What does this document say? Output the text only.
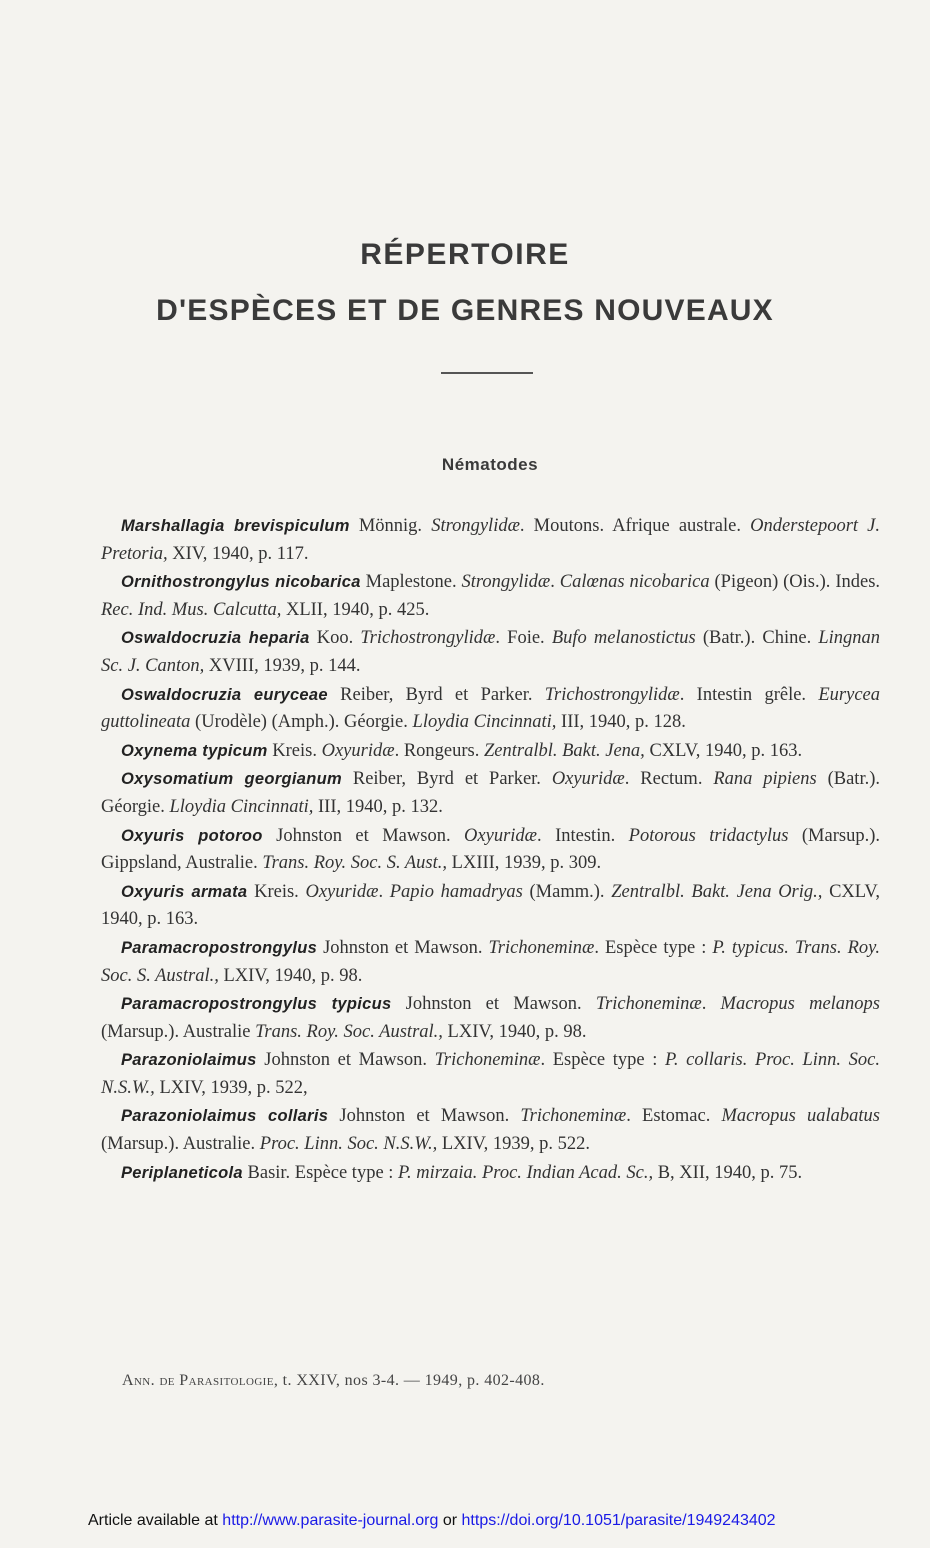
RÉPERTOIRE
D'ESPÈCES ET DE GENRES NOUVEAUX
Nématodes

Marshallagia brevispiculum Mönnig. Strongylidæ. Moutons. Afrique australe. Onderstepoort J. Pretoria, XIV, 1940, p. 117.

Ornithostrongylus nicobarica Maplestone. Strongylidæ. Calœnas nicobarica (Pigeon) (Ois.). Indes. Rec. Ind. Mus. Calcutta, XLII, 1940, p. 425.

Oswaldocruzia heparia Koo. Trichostrongylidæ. Foie. Bufo melanostictus (Batr.). Chine. Lingnan Sc. J. Canton, XVIII, 1939, p. 144.

Oswaldocruzia euryceae Reiber, Byrd et Parker. Trichostrongylidæ. Intestin grêle. Eurycea guttolineata (Urodèle) (Amph.). Géorgie. Lloydia Cincinnati, III, 1940, p. 128.

Oxynema typicum Kreis. Oxyuridæ. Rongeurs. Zentralbl. Bakt. Jena, CXLV, 1940, p. 163.

Oxysomatium georgianum Reiber, Byrd et Parker. Oxyuridæ. Rectum. Rana pipiens (Batr.). Géorgie. Lloydia Cincinnati, III, 1940, p. 132.

Oxyuris potoroo Johnston et Mawson. Oxyuridæ. Intestin. Potorous tridactylus (Marsup.). Gippsland, Australie. Trans. Roy. Soc. S. Aust., LXIII, 1939, p. 309.

Oxyuris armata Kreis. Oxyuridæ. Papio hamadryas (Mamm.). Zentralbl. Bakt. Jena Orig., CXLV, 1940, p. 163.

Paramacropostrongylus Johnston et Mawson. Trichoneminæ. Espèce type : P. typicus. Trans. Roy. Soc. S. Austral., LXIV, 1940, p. 98.

Paramacropostrongylus typicus Johnston et Mawson. Trichoneminæ. Macropus melanops (Marsup.). Australie Trans. Roy. Soc. Austral., LXIV, 1940, p. 98.

Parazoniolaimus Johnston et Mawson. Trichoneminæ. Espèce type : P. collaris. Proc. Linn. Soc. N.S.W., LXIV, 1939, p. 522,

Parazoniolaimus collaris Johnston et Mawson. Trichoneminæ. Estomac. Macropus ualabatus (Marsup.). Australie. Proc. Linn. Soc. N.S.W., LXIV, 1939, p. 522.

Periplaneticola Basir. Espèce type : P. mirzaia. Proc. Indian Acad. Sc., B, XII, 1940, p. 75.

Ann. de Parasitologie, t. XXIV, nos 3-4. — 1949, p. 402-408.
Article available at http://www.parasite-journal.org or https://doi.org/10.1051/parasite/1949243402
